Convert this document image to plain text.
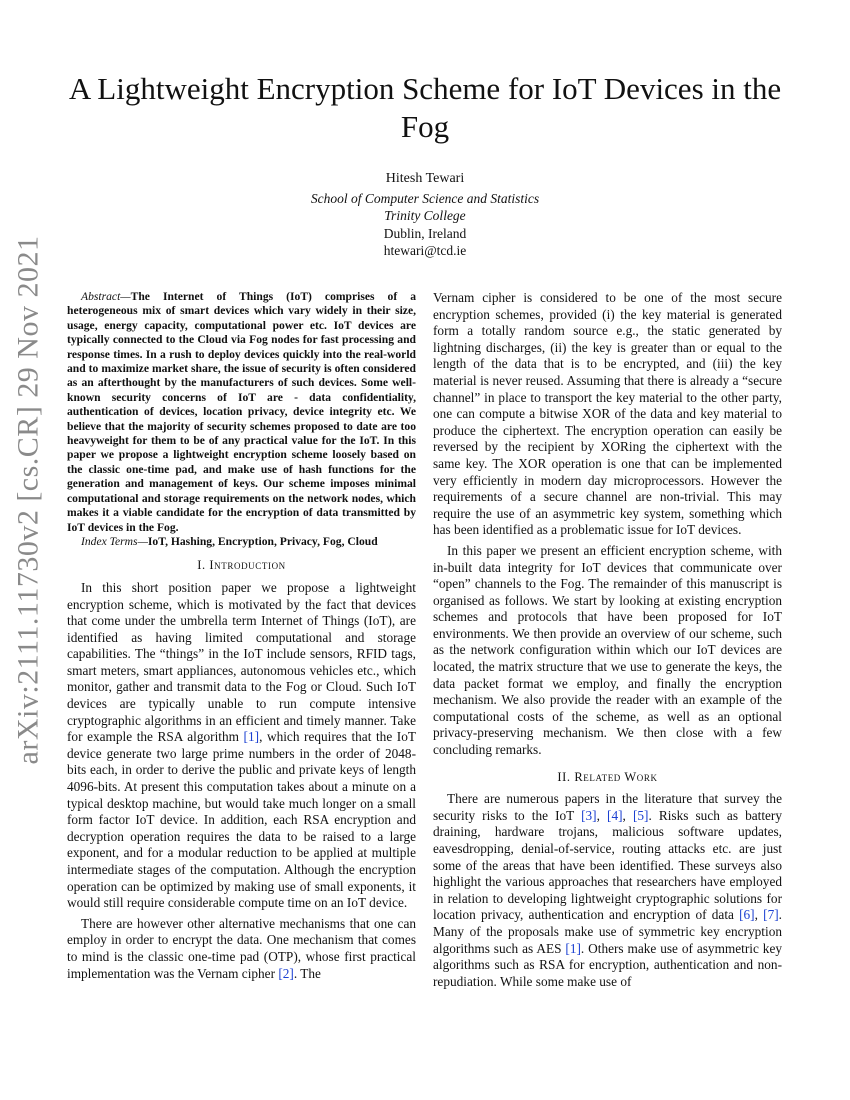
arXiv:2111.11730v2 [cs.CR] 29 Nov 2021
A Lightweight Encryption Scheme for IoT Devices in the Fog
Hitesh Tewari
School of Computer Science and Statistics
Trinity College
Dublin, Ireland
htewari@tcd.ie

Abstract—The Internet of Things (IoT) comprises of a heterogeneous mix of smart devices which vary widely in their size, usage, energy capacity, computational power etc. IoT devices are typically connected to the Cloud via Fog nodes for fast processing and response times. In a rush to deploy devices quickly into the real-world and to maximize market share, the issue of security is often considered as an afterthought by the manufacturers of such devices. Some well-known security concerns of IoT are - data confidentiality, authentication of devices, location privacy, device integrity etc. We believe that the majority of security schemes proposed to date are too heavyweight for them to be of any practical value for the IoT. In this paper we propose a lightweight encryption scheme loosely based on the classic one-time pad, and make use of hash functions for the generation and management of keys. Our scheme imposes minimal computational and storage requirements on the network nodes, which makes it a viable candidate for the encryption of data transmitted by IoT devices in the Fog.

Index Terms—IoT, Hashing, Encryption, Privacy, Fog, Cloud

I. Introduction

In this short position paper we propose a lightweight encryption scheme, which is motivated by the fact that devices that come under the umbrella term Internet of Things (IoT), are identified as having limited computational and storage capabilities. The “things” in the IoT include sensors, RFID tags, smart meters, smart appliances, autonomous vehicles etc., which monitor, gather and transmit data to the Fog or Cloud. Such IoT devices are typically unable to run compute intensive cryptographic algorithms in an efficient and timely manner. Take for example the RSA algorithm [1], which requires that the IoT device generate two large prime numbers in the order of 2048-bits each, in order to derive the public and private keys of length 4096-bits. At present this computation takes about a minute on a typical desktop machine, but would take much longer on a small form factor IoT device. In addition, each RSA encryption and decryption operation requires the data to be raised to a large exponent, and for a modular reduction to be applied at multiple intermediate stages of the computation. Although the encryption operation can be optimized by making use of small exponents, it would still require considerable compute time on an IoT device.

There are however other alternative mechanisms that one can employ in order to encrypt the data. One mechanism that comes to mind is the classic one-time pad (OTP), whose first practical implementation was the Vernam cipher [2]. The

Vernam cipher is considered to be one of the most secure encryption schemes, provided (i) the key material is generated form a totally random source e.g., the static generated by lightning discharges, (ii) the key is greater than or equal to the length of the data that is to be encrypted, and (iii) the key material is never reused. Assuming that there is already a “secure channel” in place to transport the key material to the other party, one can compute a bitwise XOR of the data and key material to produce the ciphertext. The encryption operation can easily be reversed by the recipient by XORing the ciphertext with the same key. The XOR operation is one that can be implemented very efficiently in modern day microprocessors. However the requirements of a secure channel are non-trivial. This may require the use of an asymmetric key system, something which has been identified as a problematic issue for IoT devices.

In this paper we present an efficient encryption scheme, with in-built data integrity for IoT devices that communicate over “open” channels to the Fog. The remainder of this manuscript is organised as follows. We start by looking at existing encryption schemes and protocols that have been proposed for IoT environments. We then provide an overview of our scheme, such as the network configuration within which our IoT devices are located, the matrix structure that we use to generate the keys, the data packet format we employ, and finally the encryption mechanism. We also provide the reader with an example of the computational costs of the scheme, as well as an optional privacy-preserving mechanism. We then close with a few concluding remarks.

II. Related Work

There are numerous papers in the literature that survey the security risks to the IoT [3], [4], [5]. Risks such as battery draining, hardware trojans, malicious software updates, eavesdropping, denial-of-service, routing attacks etc. are just some of the areas that have been identified. These surveys also highlight the various approaches that researchers have employed in relation to developing lightweight cryptographic solutions for location privacy, authentication and encryption of data [6], [7]. Many of the proposals make use of symmetric key encryption algorithms such as AES [1]. Others make use of asymmetric key algorithms such as RSA for encryption, authentication and non-repudiation. While some make use of
